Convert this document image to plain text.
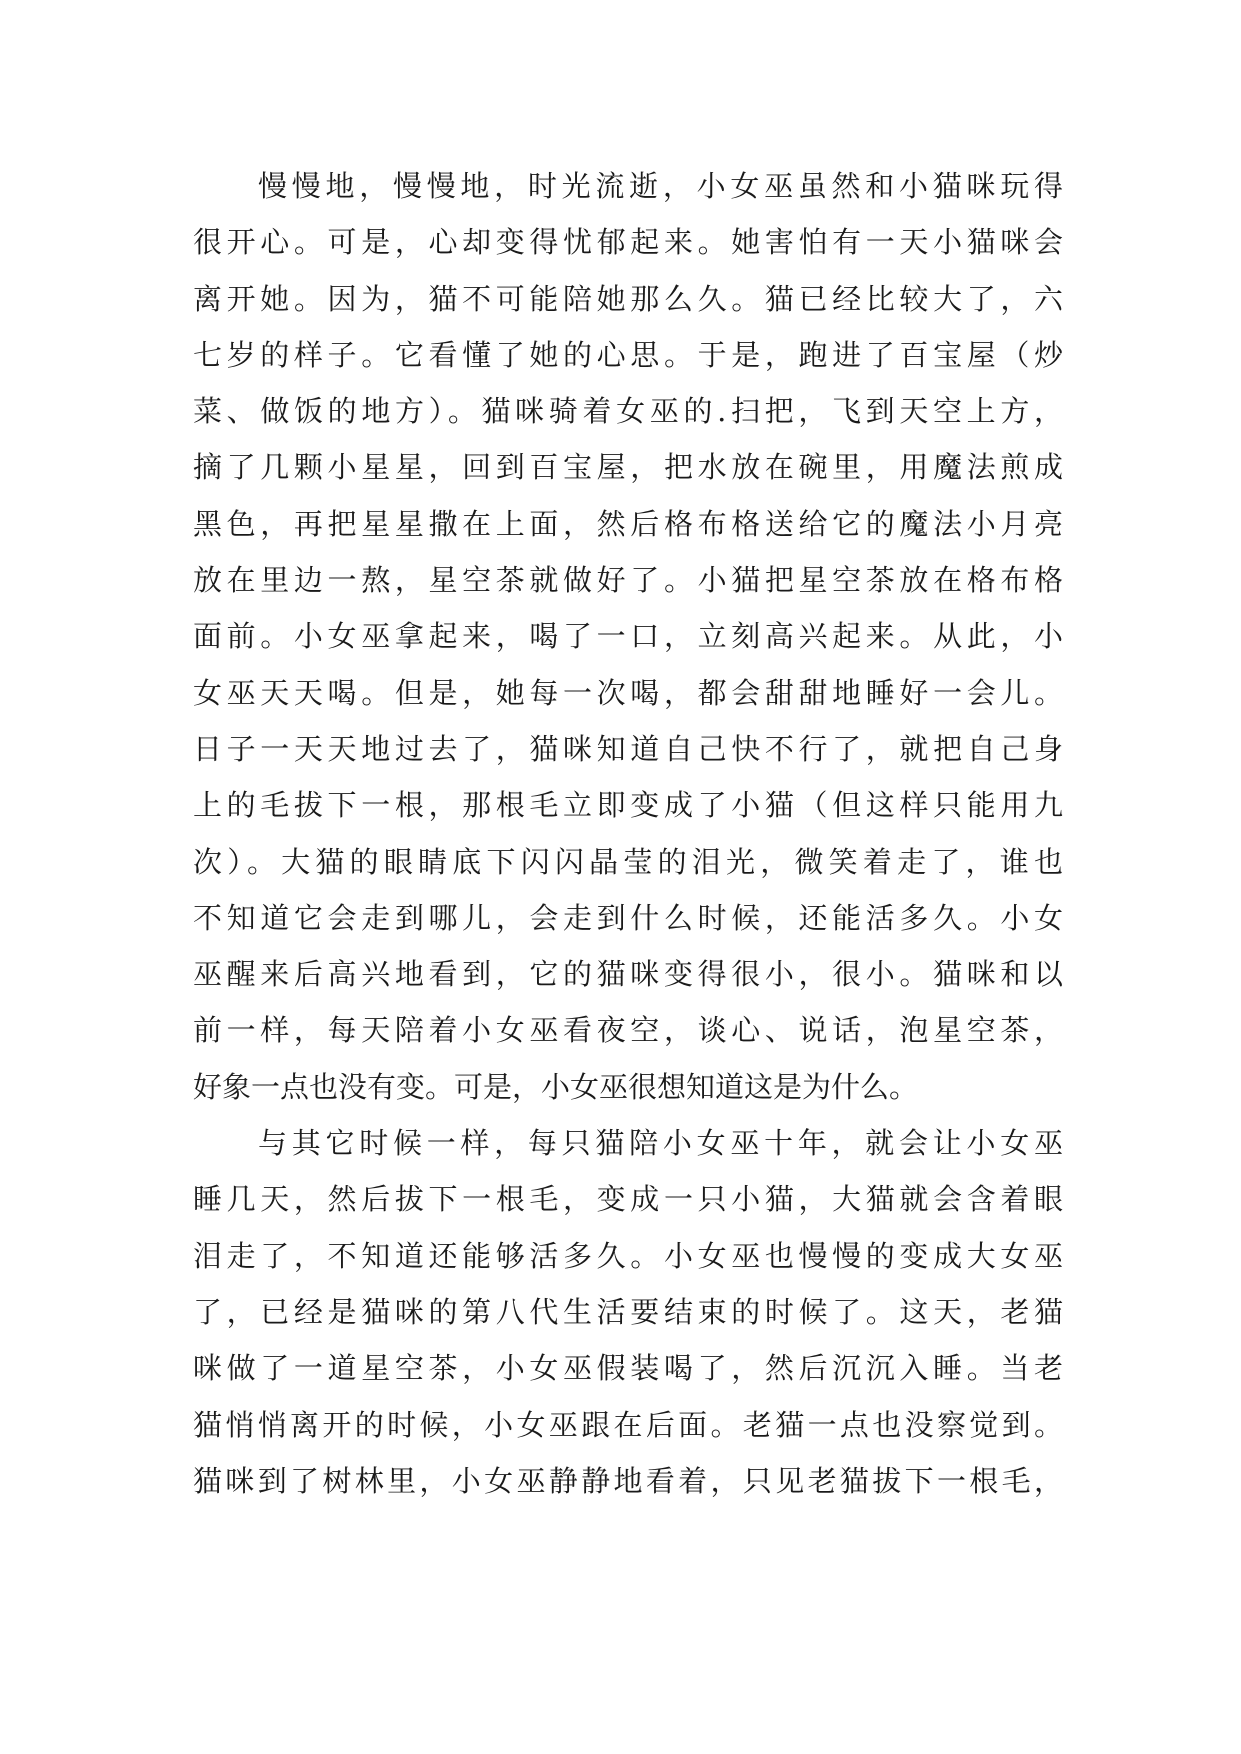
慢慢地，慢慢地，时光流逝，小女巫虽然和小猫咪玩得
很开心。可是，心却变得忧郁起来。她害怕有一天小猫咪会
离开她。因为，猫不可能陪她那么久。猫已经比较大了，六
七岁的样子。它看懂了她的心思。于是，跑进了百宝屋（炒
菜、做饭的地方）。猫咪骑着女巫的.扫把，飞到天空上方，
摘了几颗小星星，回到百宝屋，把水放在碗里，用魔法煎成
黑色，再把星星撒在上面，然后格布格送给它的魔法小月亮
放在里边一熬，星空茶就做好了。小猫把星空茶放在格布格
面前。小女巫拿起来，喝了一口，立刻高兴起来。从此，小
女巫天天喝。但是，她每一次喝，都会甜甜地睡好一会儿。
日子一天天地过去了，猫咪知道自己快不行了，就把自己身
上的毛拔下一根，那根毛立即变成了小猫（但这样只能用九
次）。大猫的眼睛底下闪闪晶莹的泪光，微笑着走了，谁也
不知道它会走到哪儿，会走到什么时候，还能活多久。小女
巫醒来后高兴地看到，它的猫咪变得很小，很小。猫咪和以
前一样，每天陪着小女巫看夜空，谈心、说话，泡星空茶，
好象一点也没有变。可是，小女巫很想知道这是为什么。
与其它时候一样，每只猫陪小女巫十年，就会让小女巫
睡几天，然后拔下一根毛，变成一只小猫，大猫就会含着眼
泪走了，不知道还能够活多久。小女巫也慢慢的变成大女巫
了，已经是猫咪的第八代生活要结束的时候了。这天，老猫
咪做了一道星空茶，小女巫假装喝了，然后沉沉入睡。当老
猫悄悄离开的时候，小女巫跟在后面。老猫一点也没察觉到。
猫咪到了树林里，小女巫静静地看着，只见老猫拔下一根毛，
